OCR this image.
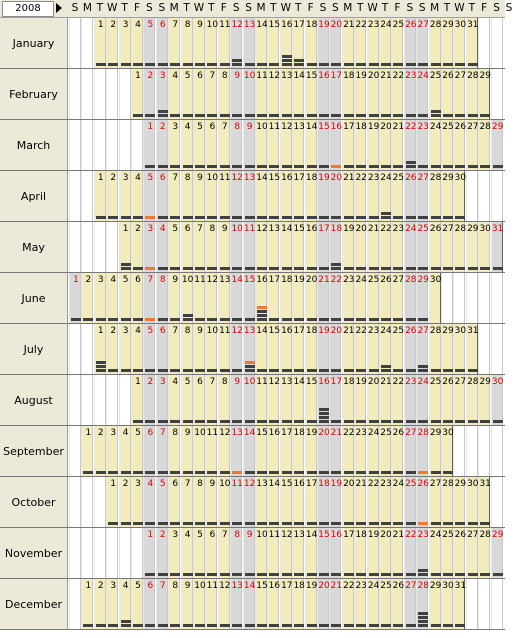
2008	S M T W T F S S M T W T F S S M T W T F S S M T W T F S S M T W T F S S
January
1 2 3 4 5 6 7 8 9 10 11 12 13 14 15 16 17 18 19 20 21 22 23 24 25 26 27 28 29 30 31
February
1 2 3 4 5 6 7 8 9 10 11 12 13 14 15 16 17 18 19 20 21 22 23 24 25 26 27 28 29
March
1 2 3 4 5 6 7 8 9 10 11 12 13 14 15 16 17 18 19 20 21 22 23 24 25 26 27 28 29
April
1 2 3 4 5 6 7 8 9 10 11 12 13 14 15 16 17 18 19 20 21 22 23 24 25 26 27 28 29 30
May
1 2 3 4 5 6 7 8 9 10 11 12 13 14 15 16 17 18 19 20 21 22 23 24 25 26 27 28 29 30 31
June
1 2 3 4 5 6 7 8 9 10 11 12 13 14 15 16 17 18 19 20 21 22 23 24 25 26 27 28 29 30
July
1 2 3 4 5 6 7 8 9 10 11 12 13 14 15 16 17 18 19 20 21 22 23 24 25 26 27 28 29 30 31
August
1 2 3 4 5 6 7 8 9 10 11 12 13 14 15 16 17 18 19 20 21 22 23 24 25 26 27 28 29 30
September
1 2 3 4 5 6 7 8 9 10 11 12 13 14 15 16 17 18 19 20 21 22 23 24 25 26 27 28 29 30
October
1 2 3 4 5 6 7 8 9 10 11 12 13 14 15 16 17 18 19 20 21 22 23 24 25 26 27 28 29 30 31
November
1 2 3 4 5 6 7 8 9 10 11 12 13 14 15 16 17 18 19 20 21 22 23 24 25 26 27 28 29
December
1 2 3 4 5 6 7 8 9 10 11 12 13 14 15 16 17 18 19 20 21 22 23 24 25 26 27 28 29 30 31
